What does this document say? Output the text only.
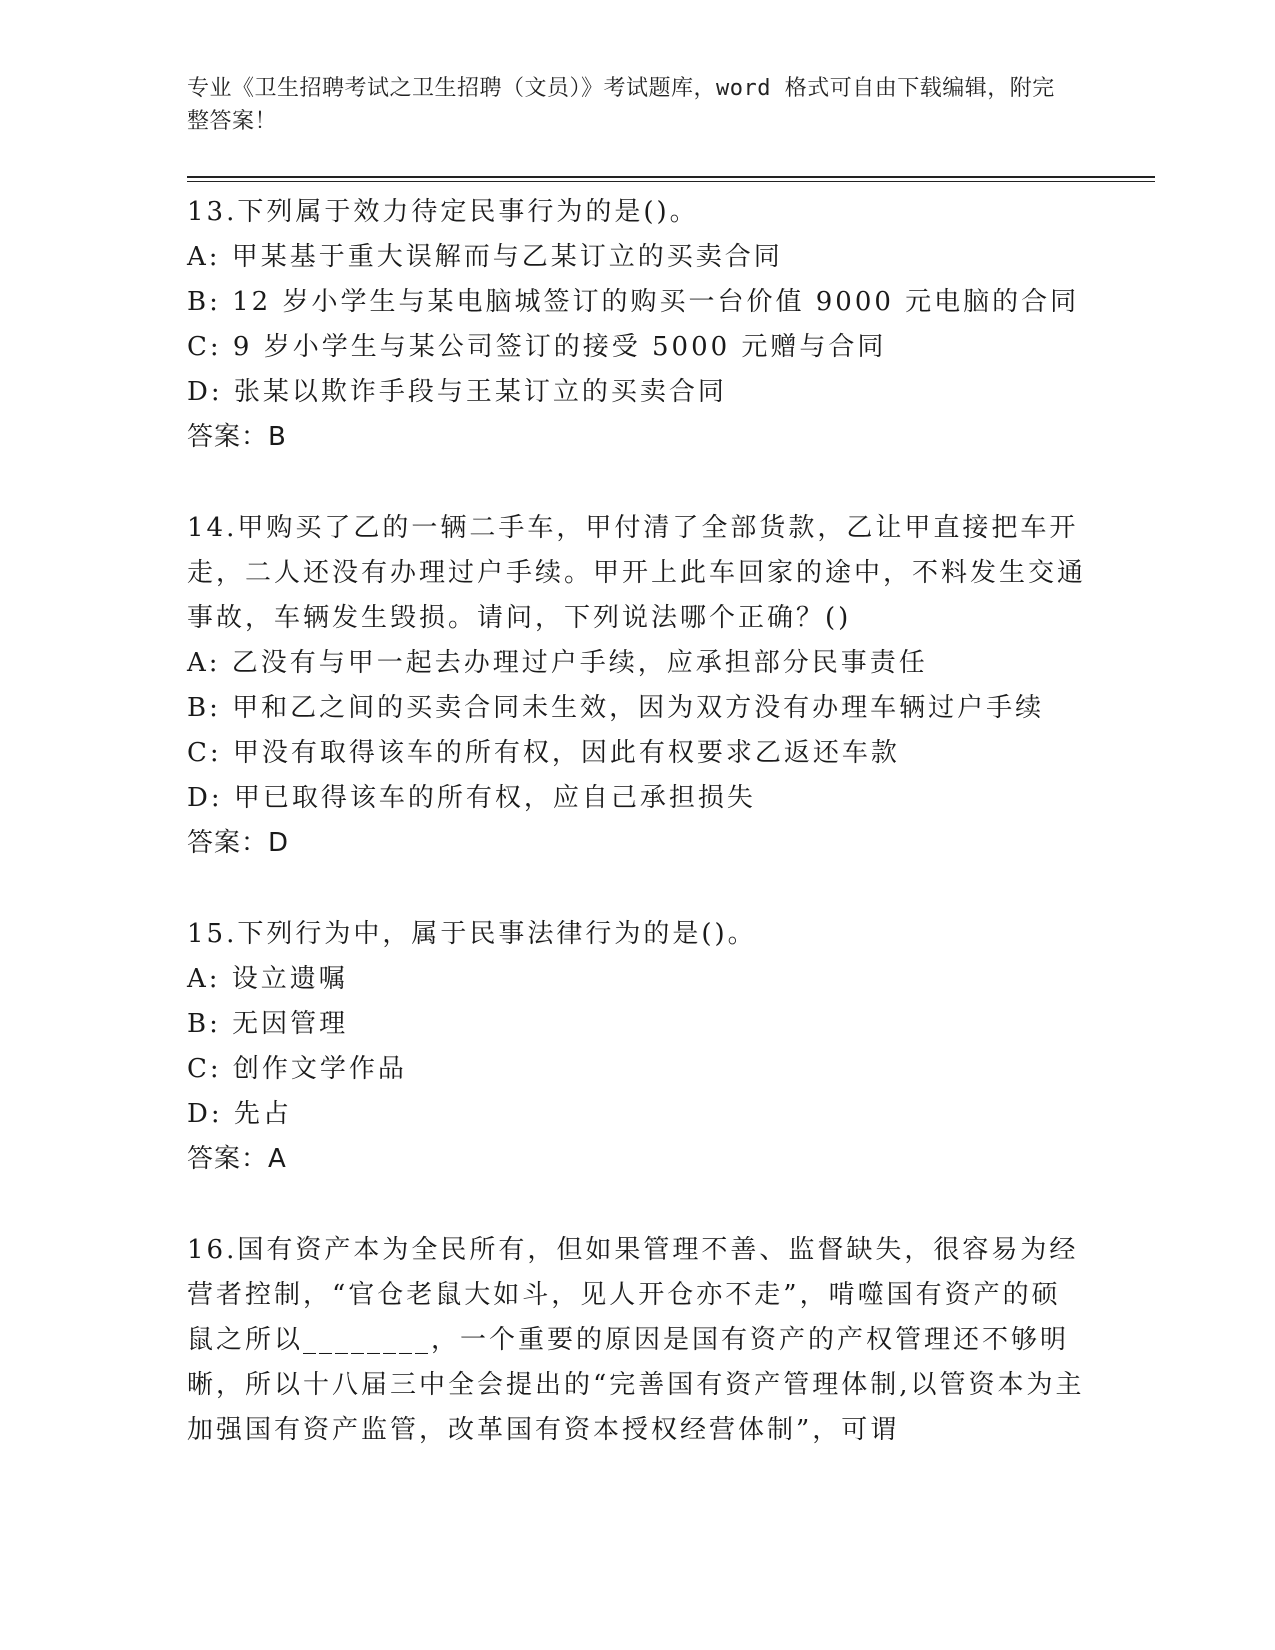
专业《卫生招聘考试之卫生招聘（文员）》考试题库，word 格式可自由下载编辑，附完整答案！

13.下列属于效力待定民事行为的是()。

A: 甲某基于重大误解而与乙某订立的买卖合同

B: 12 岁小学生与某电脑城签订的购买一台价值 9000 元电脑的合同

C: 9 岁小学生与某公司签订的接受 5000 元赠与合同

D: 张某以欺诈手段与王某订立的买卖合同

答案：B

14.甲购买了乙的一辆二手车，甲付清了全部货款，乙让甲直接把车开走，二人还没有办理过户手续。甲开上此车回家的途中，不料发生交通事故，车辆发生毁损。请问，下列说法哪个正确？()

A: 乙没有与甲一起去办理过户手续，应承担部分民事责任

B: 甲和乙之间的买卖合同未生效，因为双方没有办理车辆过户手续

C: 甲没有取得该车的所有权，因此有权要求乙返还车款

D: 甲已取得该车的所有权，应自己承担损失

答案：D

15.下列行为中，属于民事法律行为的是()。

A: 设立遗嘱

B: 无因管理

C: 创作文学作品

D: 先占

答案：A

16.国有资产本为全民所有，但如果管理不善、监督缺失，很容易为经营者控制，“官仓老鼠大如斗，见人开仓亦不走”，啃噬国有资产的硕鼠之所以________，一个重要的原因是国有资产的产权管理还不够明晰，所以十八届三中全会提出的“完善国有资产管理体制,以管资本为主加强国有资产监管，改革国有资本授权经营体制”，可谓
